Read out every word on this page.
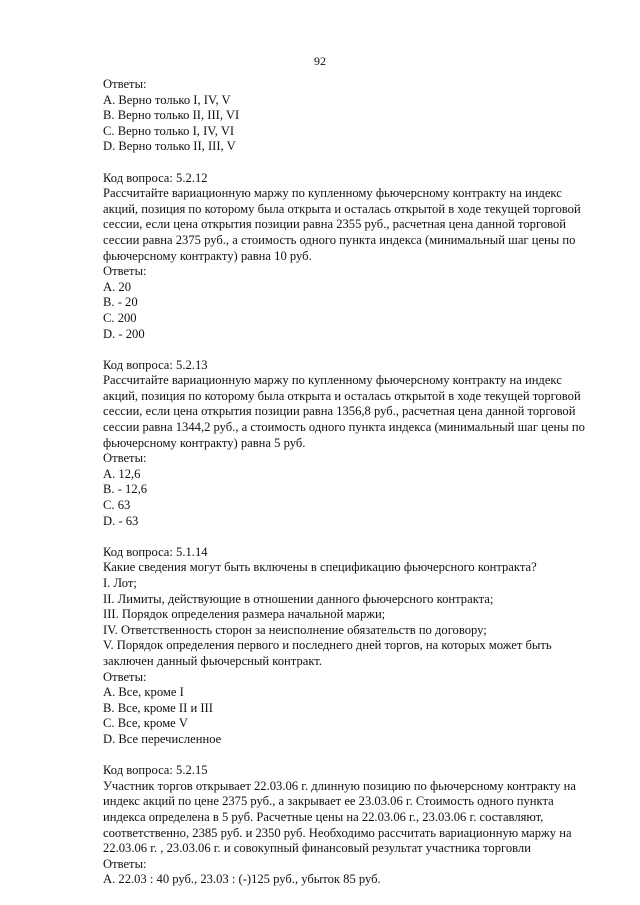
92
Ответы:
A. Верно только I, IV, V
B. Верно только II, III, VI
C. Верно только I, IV, VI
D. Верно только II, III, V
Код вопроса: 5.2.12
Рассчитайте вариационную маржу по купленному фьючерсному контракту на индекс
акций, позиция по которому была открыта и осталась открытой в ходе текущей торговой
сессии, если цена открытия позиции равна 2355 руб., расчетная цена данной торговой
сессии равна 2375 руб., а стоимость одного пункта индекса (минимальный шаг цены по
фьючерсному контракту) равна 10 руб.
Ответы:
A. 20
B. - 20
C. 200
D. - 200
Код вопроса: 5.2.13
Рассчитайте вариационную маржу по купленному фьючерсному контракту на индекс
акций, позиция по которому была открыта и осталась открытой в ходе текущей торговой
сессии, если цена открытия позиции равна 1356,8 руб., расчетная цена данной торговой
сессии равна 1344,2 руб., а стоимость одного пункта индекса (минимальный шаг цены по
фьючерсному контракту) равна 5 руб.
Ответы:
A. 12,6
B. - 12,6
C. 63
D. - 63
Код вопроса: 5.1.14
Какие сведения могут быть включены в спецификацию фьючерсного контракта?
I. Лот;
II. Лимиты, действующие в отношении данного фьючерсного контракта;
III. Порядок определения размера начальной маржи;
IV. Ответственность сторон за неисполнение обязательств по договору;
V. Порядок определения первого и последнего дней торгов, на которых может быть
заключен данный фьючерсный контракт.
Ответы:
A. Все, кроме I
B. Все, кроме II и III
C. Все, кроме V
D. Все перечисленное
Код вопроса: 5.2.15
Участник торгов открывает 22.03.06 г. длинную позицию по фьючерсному контракту на
индекс акций по цене 2375 руб., а закрывает ее 23.03.06 г. Стоимость одного пункта
индекса определена в 5 руб. Расчетные цены на 22.03.06 г., 23.03.06 г. составляют,
соответственно, 2385 руб. и 2350 руб. Необходимо рассчитать вариационную маржу на
22.03.06 г. , 23.03.06 г. и совокупный финансовый результат участника торговли
Ответы:
A. 22.03 : 40 руб., 23.03 : (-)125 руб., убыток 85 руб.
